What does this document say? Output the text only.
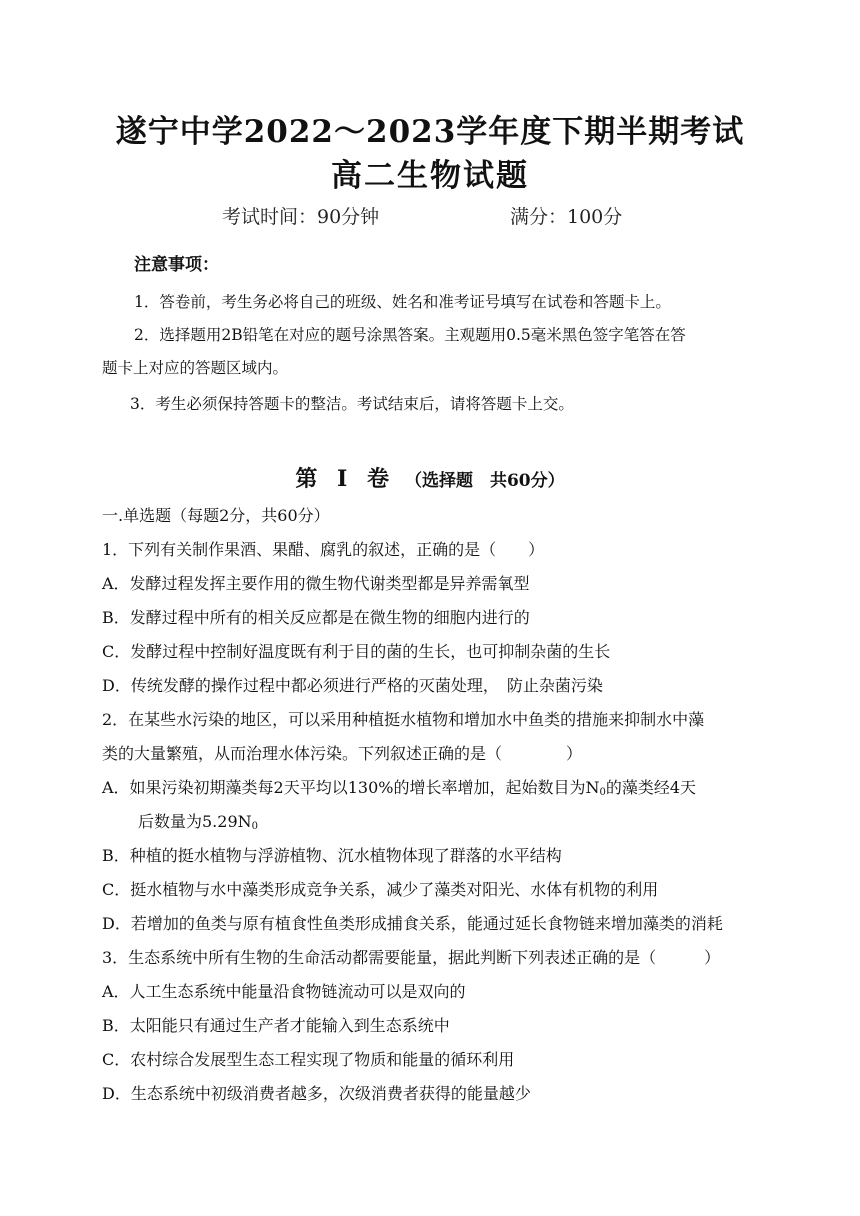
遂宁中学2022～2023学年度下期半期考试
高二生物试题
考试时间：90分钟	满分：100分
注意事项：
1．答卷前，考生务必将自己的班级、姓名和准考证号填写在试卷和答题卡上。
2．选择题用2B铅笔在对应的题号涂黑答案。主观题用0.5毫米黑色签字笔答在答
题卡上对应的答题区域内。
3．考生必须保持答题卡的整洁。考试结束后，请将答题卡上交。
第 I 卷 （选择题　共60分）
一.单选题（每题2分，共60分）
1．下列有关制作果酒、果醋、腐乳的叙述，正确的是（　　）
A．发酵过程发挥主要作用的微生物代谢类型都是异养需氧型
B．发酵过程中所有的相关反应都是在微生物的细胞内进行的
C．发酵过程中控制好温度既有利于目的菌的生长，也可抑制杂菌的生长
D．传统发酵的操作过程中都必须进行严格的灭菌处理，　防止杂菌污染
2．在某些水污染的地区，可以采用种植挺水植物和增加水中鱼类的措施来抑制水中藻
类的大量繁殖，从而治理水体污染。下列叙述正确的是（　　　　）
A．如果污染初期藻类每2天平均以130%的增长率增加，起始数目为$N_0$的藻类经4天
后数量为$5.29N_0$
B．种植的挺水植物与浮游植物、沉水植物体现了群落的水平结构
C．挺水植物与水中藻类形成竞争关系，减少了藻类对阳光、水体有机物的利用
D．若增加的鱼类与原有植食性鱼类形成捕食关系，能通过延长食物链来增加藻类的消耗
3．生态系统中所有生物的生命活动都需要能量，据此判断下列表述正确的是（　　　）
A．人工生态系统中能量沿食物链流动可以是双向的
B．太阳能只有通过生产者才能输入到生态系统中
C．农村综合发展型生态工程实现了物质和能量的循环利用
D．生态系统中初级消费者越多，次级消费者获得的能量越少
